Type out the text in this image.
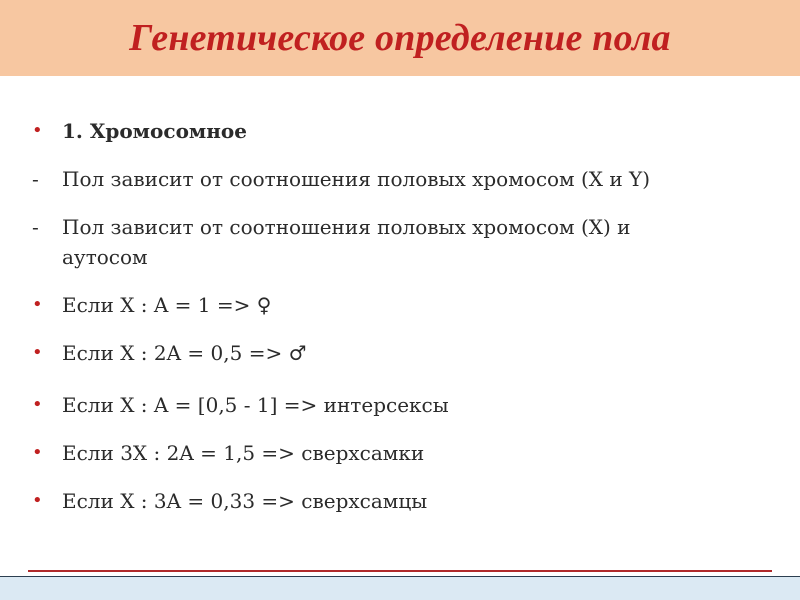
Генетическое определение пола
• 1. Хромосомное
- Пол зависит от соотношения половых хромосом (X и Y)
- Пол зависит от соотношения половых хромосом (X) и
аутосом
• Если X : A = 1 => ♀
• Если X : 2A = 0,5 => ♂
• Если X : A = [0,5 - 1] => интерсексы
• Если 3X : 2A = 1,5 => сверхсамки
• Если X : 3A = 0,33 => сверхсамцы
